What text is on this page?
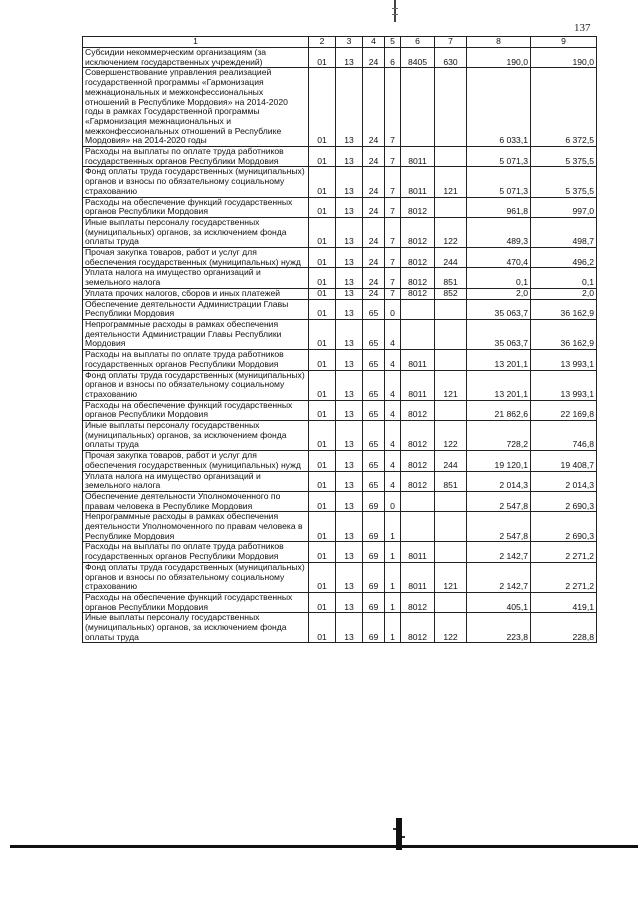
137
1	2	3	4	5	6	7	8	9
Субсидии некоммерческим организациям (за исключением государственных учреждений)	01	13	24	6	8405	630	190,0	190,0
Совершенствование управления реализацией государственной программы «Гармонизация межнациональных и межконфессиональных отношений в Республике Мордовия» на 2014-2020 годы в рамках Государственной программы «Гармонизация межнациональных и межконфессиональных отношений в Республике Мордовия» на 2014-2020 годы	01	13	24	7			6 033,1	6 372,5
Расходы на выплаты по оплате труда работников государственных органов Республики Мордовия	01	13	24	7	8011		5 071,3	5 375,5
Фонд оплаты труда государственных (муниципальных) органов и взносы по обязательному социальному страхованию	01	13	24	7	8011	121	5 071,3	5 375,5
Расходы на обеспечение функций государственных органов Республики Мордовия	01	13	24	7	8012		961,8	997,0
Иные выплаты персоналу государственных (муниципальных) органов, за исключением фонда оплаты труда	01	13	24	7	8012	122	489,3	498,7
Прочая закупка товаров, работ и услуг для обеспечения государственных (муниципальных) нужд	01	13	24	7	8012	244	470,4	496,2
Уплата налога на имущество организаций и земельного налога	01	13	24	7	8012	851	0,1	0,1
Уплата прочих налогов, сборов и иных платежей	01	13	24	7	8012	852	2,0	2,0
Обеспечение деятельности Администрации Главы Республики Мордовия	01	13	65	0			35 063,7	36 162,9
Непрограммные расходы в рамках обеспечения деятельности Администрации Главы Республики Мордовия	01	13	65	4			35 063,7	36 162,9
Расходы на выплаты по оплате труда работников государственных органов Республики Мордовия	01	13	65	4	8011		13 201,1	13 993,1
Фонд оплаты труда государственных (муниципальных) органов и взносы по обязательному социальному страхованию	01	13	65	4	8011	121	13 201,1	13 993,1
Расходы на обеспечение функций государственных органов Республики Мордовия	01	13	65	4	8012		21 862,6	22 169,8
Иные выплаты персоналу государственных (муниципальных) органов, за исключением фонда оплаты труда	01	13	65	4	8012	122	728,2	746,8
Прочая закупка товаров, работ и услуг для обеспечения государственных (муниципальных) нужд	01	13	65	4	8012	244	19 120,1	19 408,7
Уплата налога на имущество организаций и земельного налога	01	13	65	4	8012	851	2 014,3	2 014,3
Обеспечение деятельности Уполномоченного по правам человека в Республике Мордовия	01	13	69	0			2 547,8	2 690,3
Непрограммные расходы в рамках обеспечения деятельности Уполномоченного по правам человека в Республике Мордовия	01	13	69	1			2 547,8	2 690,3
Расходы на выплаты по оплате труда работников государственных органов Республики Мордовия	01	13	69	1	8011		2 142,7	2 271,2
Фонд оплаты труда государственных (муниципальных) органов и взносы по обязательному социальному страхованию	01	13	69	1	8011	121	2 142,7	2 271,2
Расходы на обеспечение функций государственных органов Республики Мордовия	01	13	69	1	8012		405,1	419,1
Иные выплаты персоналу государственных (муниципальных) органов, за исключением фонда оплаты труда	01	13	69	1	8012	122	223,8	228,8
